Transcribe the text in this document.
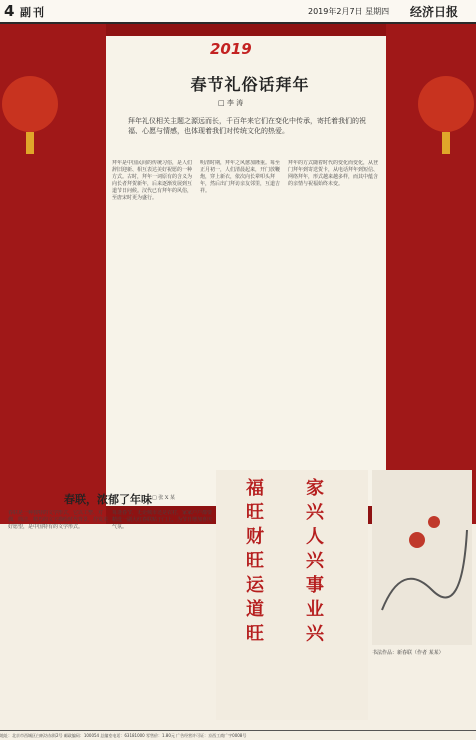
4 副刊	2019年2月7日 星期四 经济日报
2019
春节礼俗话拜年
□ 李 涛
拜年礼仪相关主题之源远而长，千百年来它们在变化中传承，寄托着我们的祝福、心愿与情感，也体现着我们对传统文化的热爱。
拜年是中国民间的传统习俗，是人们辞旧迎新、相互表达美好祝愿的一种方式。古时，拜年一词原有的含义为向长者拜贺新年，后来逐渐发展到互道节日问候。汉代已有拜年的风俗，至唐宋时更为盛行。
明清时期，拜年之风愈加隆重。每至正月初一，人们清晨起来，开门放鞭炮，穿上新衣，依次向长辈叩头拜年，然后出门拜访亲友邻里，互道吉祥。
拜年的方式随着时代的变化而变化，从登门拜年到寄送贺卡，从电话拜年到短信、网络拜年，形式越来越多样，而其中蕴含的亲情与祝福始终未变。
春联，浓郁了年味 □ 张 X 某
春联是一种独特的文学形式，它以工整、对偶、简洁、精巧的文字描绘时代背景，抒发美好愿望，是中国特有的文学形式。
每逢春节，无论城市还是农村，家家户户都要精选一副大红春联贴于门上，为节日增加喜庆气氛。	福 旺 财 旺 运 道 旺 家 兴 人 兴 事 业 兴
书法作品：新春联（作者 某某）
地址：北京市西城区白纸坊东街2号 邮政编码：100054 总编室电话：63181000 零售价：1.80元 广告经营许可证：京西工商广字0008号
